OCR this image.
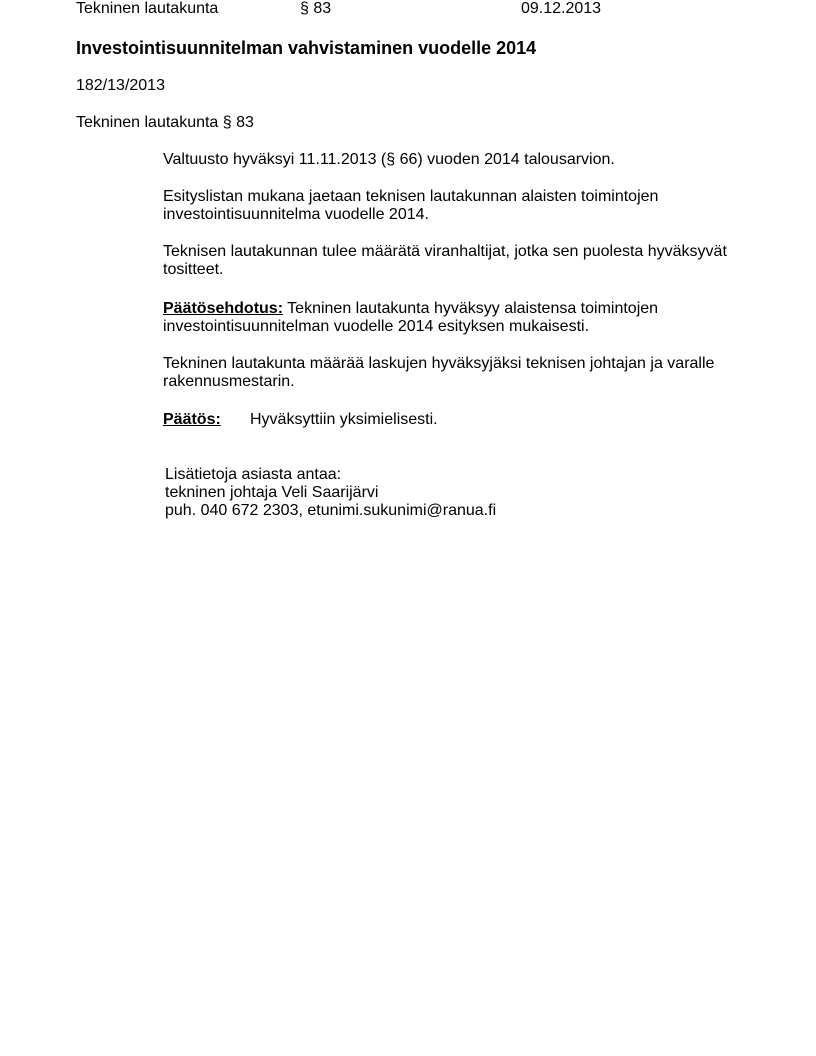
Tekninen lautakunta	§ 83	09.12.2013
Investointisuunnitelman vahvistaminen vuodelle 2014
182/13/2013
Tekninen lautakunta § 83
Valtuusto hyväksyi 11.11.2013 (§ 66) vuoden 2014 talousarvion.
Esityslistan mukana jaetaan teknisen lautakunnan alaisten toimintojen
investointisuunnitelma vuodelle 2014.
Teknisen lautakunnan tulee määrätä viranhaltijat, jotka sen puolesta hyväksyvät
tositteet.
Päätösehdotus: Tekninen lautakunta hyväksyy alaistensa toimintojen
investointisuunnitelman vuodelle 2014 esityksen mukaisesti.
Tekninen lautakunta määrää laskujen hyväksyjäksi teknisen johtajan ja varalle
rakennusmestarin.
Päätös: Hyväksyttiin yksimielisesti.
Lisätietoja asiasta antaa:
tekninen johtaja Veli Saarijärvi
puh. 040 672 2303, etunimi.sukunimi@ranua.fi
